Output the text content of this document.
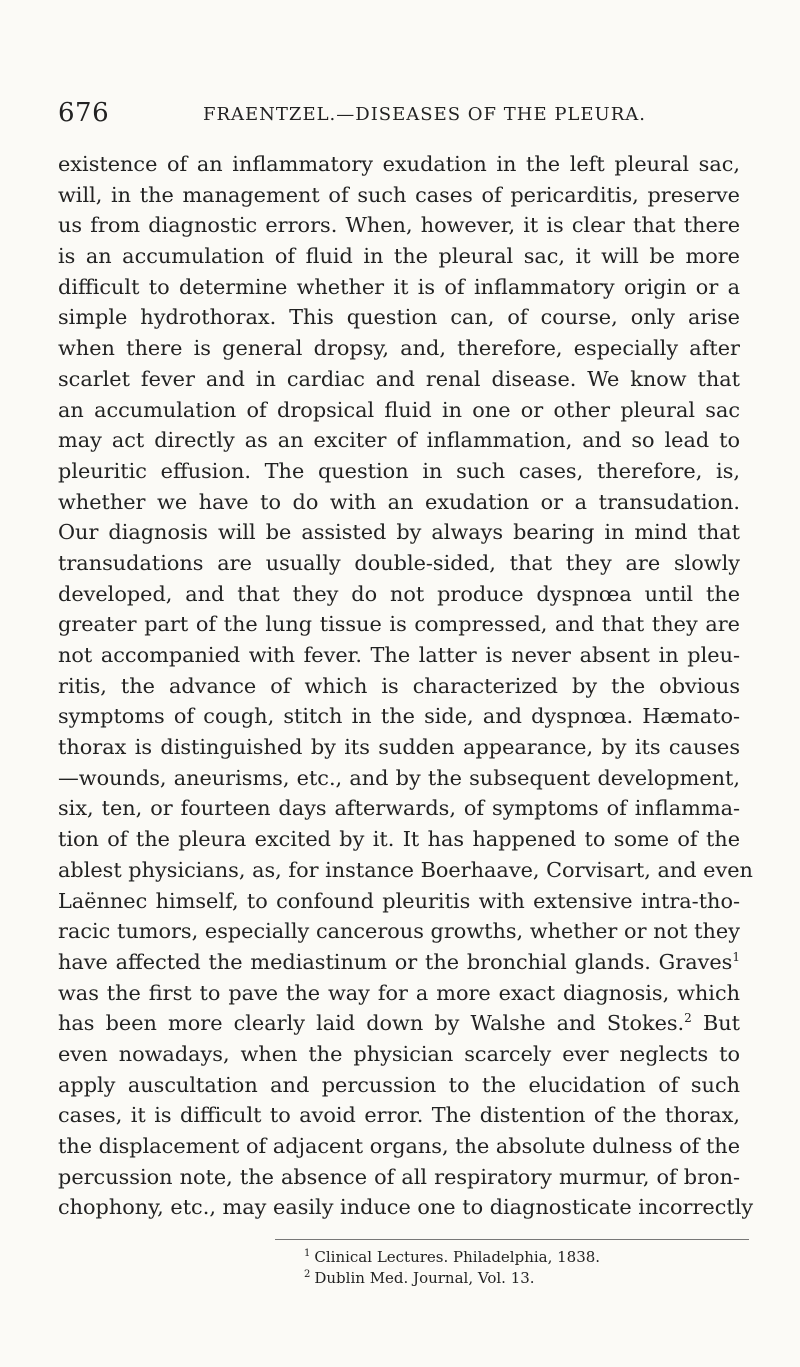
676	FRAENTZEL.—DISEASES OF THE PLEURA.
existence of an inflammatory exudation in the left pleural sac,
will, in the management of such cases of pericarditis, preserve
us from diagnostic errors. When, however, it is clear that there
is an accumulation of fluid in the pleural sac, it will be more
difficult to determine whether it is of inflammatory origin or a
simple hydrothorax. This question can, of course, only arise
when there is general dropsy, and, therefore, especially after
scarlet fever and in cardiac and renal disease. We know that
an accumulation of dropsical fluid in one or other pleural sac
may act directly as an exciter of inflammation, and so lead to
pleuritic effusion. The question in such cases, therefore, is,
whether we have to do with an exudation or a transudation.
Our diagnosis will be assisted by always bearing in mind that
transudations are usually double-sided, that they are slowly
developed, and that they do not produce dyspnœa until the
greater part of the lung tissue is compressed, and that they are
not accompanied with fever. The latter is never absent in pleu-
ritis, the advance of which is characterized by the obvious
symptoms of cough, stitch in the side, and dyspnœa. Hæmato-
thorax is distinguished by its sudden appearance, by its causes
—wounds, aneurisms, etc., and by the subsequent development,
six, ten, or fourteen days afterwards, of symptoms of inflamma-
tion of the pleura excited by it. It has happened to some of the
ablest physicians, as, for instance Boerhaave, Corvisart, and even
Laënnec himself, to confound pleuritis with extensive intra-tho-
racic tumors, especially cancerous growths, whether or not they
have affected the mediastinum or the bronchial glands. Graves$^1$
was the first to pave the way for a more exact diagnosis, which
has been more clearly laid down by Walshe and Stokes.$^2$ But
even nowadays, when the physician scarcely ever neglects to
apply auscultation and percussion to the elucidation of such
cases, it is difficult to avoid error. The distention of the thorax,
the displacement of adjacent organs, the absolute dulness of the
percussion note, the absence of all respiratory murmur, of bron-
chophony, etc., may easily induce one to diagnosticate incorrectly
$^1$ Clinical Lectures. Philadelphia, 1838.
$^2$ Dublin Med. Journal, Vol. 13.
